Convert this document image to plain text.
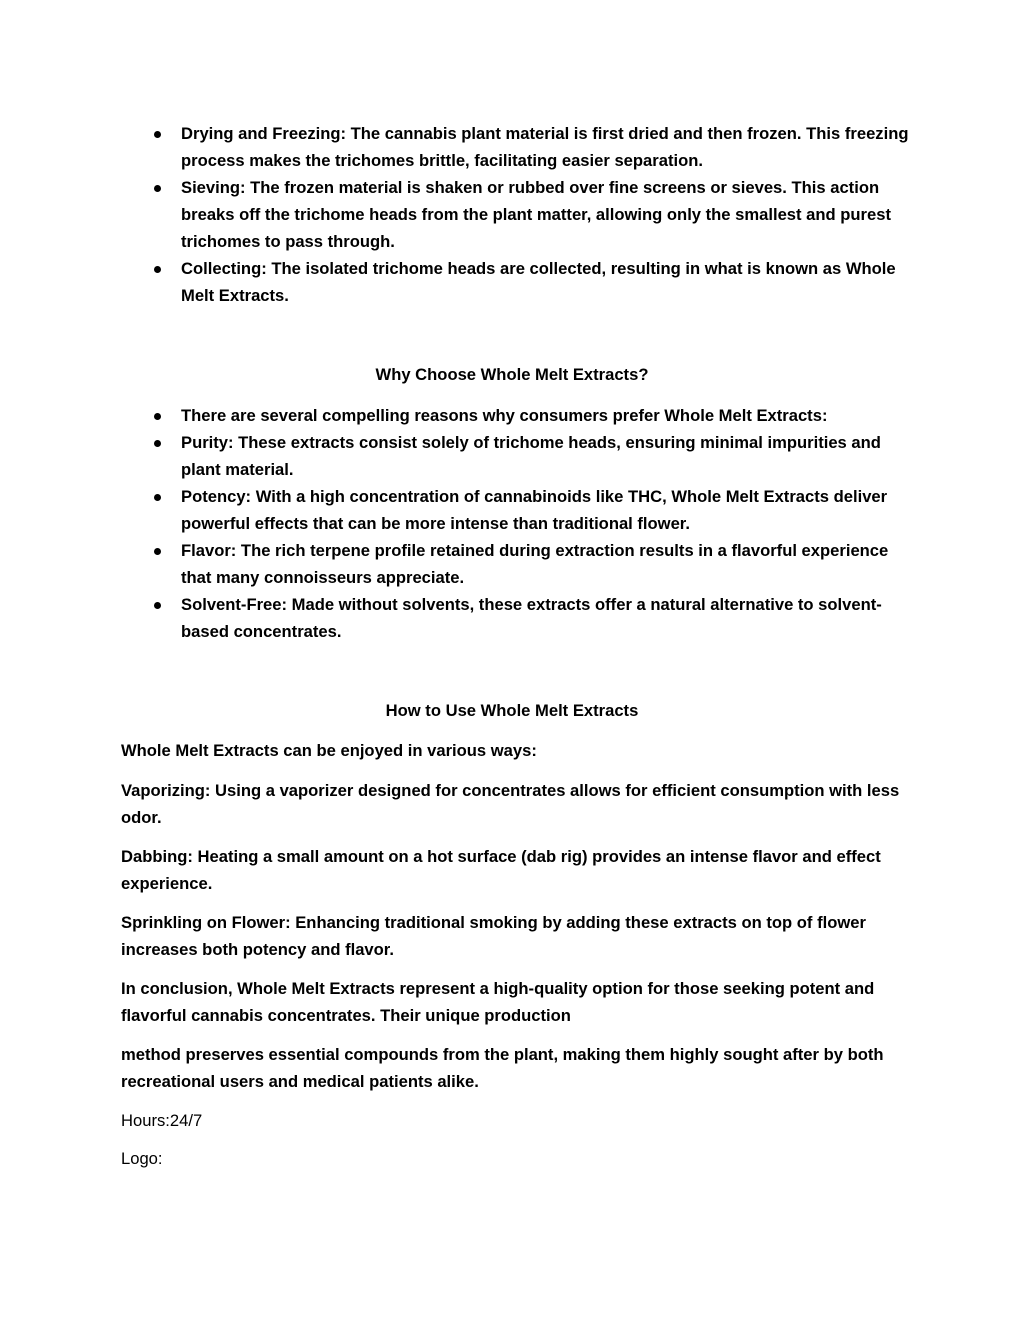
Drying and Freezing: The cannabis plant material is first dried and then frozen. This freezing process makes the trichomes brittle, facilitating easier separation.
Sieving: The frozen material is shaken or rubbed over fine screens or sieves. This action breaks off the trichome heads from the plant matter, allowing only the smallest and purest trichomes to pass through.
Collecting: The isolated trichome heads are collected, resulting in what is known as Whole Melt Extracts.
Why Choose Whole Melt Extracts?
There are several compelling reasons why consumers prefer Whole Melt Extracts:
Purity: These extracts consist solely of trichome heads, ensuring minimal impurities and plant material.
Potency: With a high concentration of cannabinoids like THC, Whole Melt Extracts deliver powerful effects that can be more intense than traditional flower.
Flavor: The rich terpene profile retained during extraction results in a flavorful experience that many connoisseurs appreciate.
Solvent-Free: Made without solvents, these extracts offer a natural alternative to solvent-based concentrates.
How to Use Whole Melt Extracts
Whole Melt Extracts can be enjoyed in various ways:
Vaporizing: Using a vaporizer designed for concentrates allows for efficient consumption with less odor.
Dabbing: Heating a small amount on a hot surface (dab rig) provides an intense flavor and effect experience.
Sprinkling on Flower: Enhancing traditional smoking by adding these extracts on top of flower increases both potency and flavor.
In conclusion, Whole Melt Extracts represent a high-quality option for those seeking potent and flavorful cannabis concentrates. Their unique production
method preserves essential compounds from the plant, making them highly sought after by both recreational users and medical patients alike.
Hours:24/7
Logo:
